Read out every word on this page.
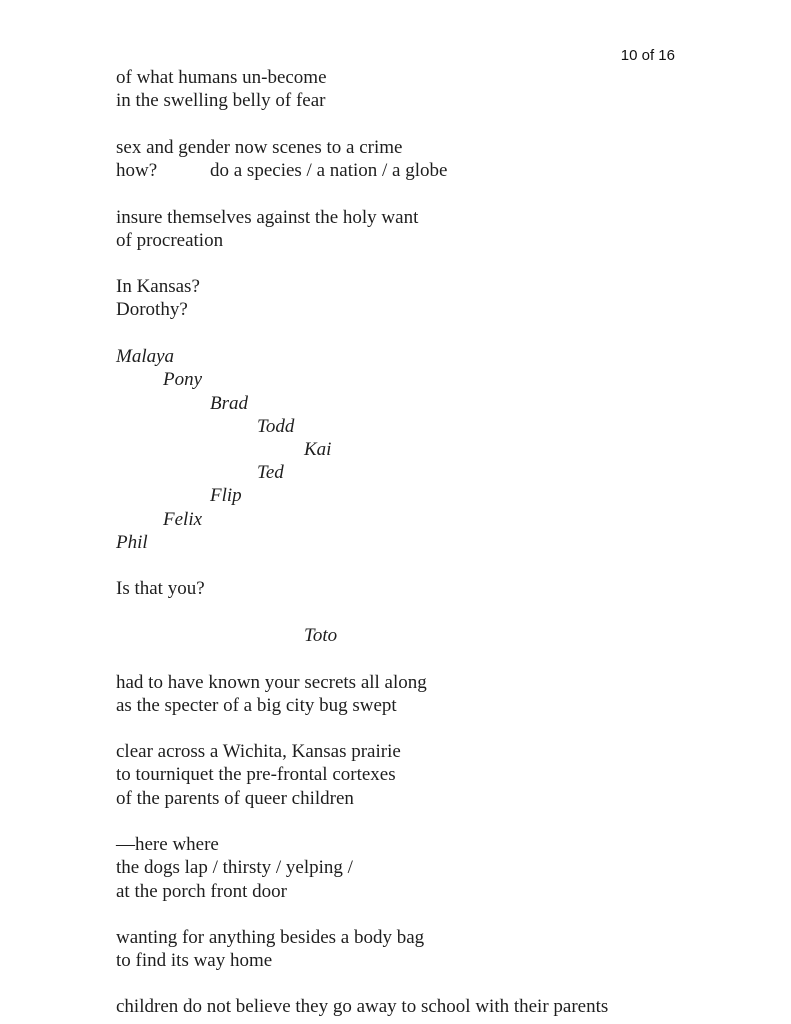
10 of 16
of what humans un-become
in the swelling belly of fear
sex and gender now scenes to a crime
how?	do a species / a nation / a globe
insure themselves against the holy want
of procreation
In Kansas?
Dorothy?
Malaya
Pony
Brad
Todd
Kai
Ted
Flip
Felix
Phil
Is that you?
Toto
had to have known your secrets all along
as the specter of a big city bug swept
clear across a Wichita, Kansas prairie
to tourniquet the pre-frontal cortexes
of the parents of queer children
—here where
the dogs lap / thirsty / yelping /
at the porch front door
wanting for anything besides a body bag
to find its way home
children do not believe they go away to school with their parents
